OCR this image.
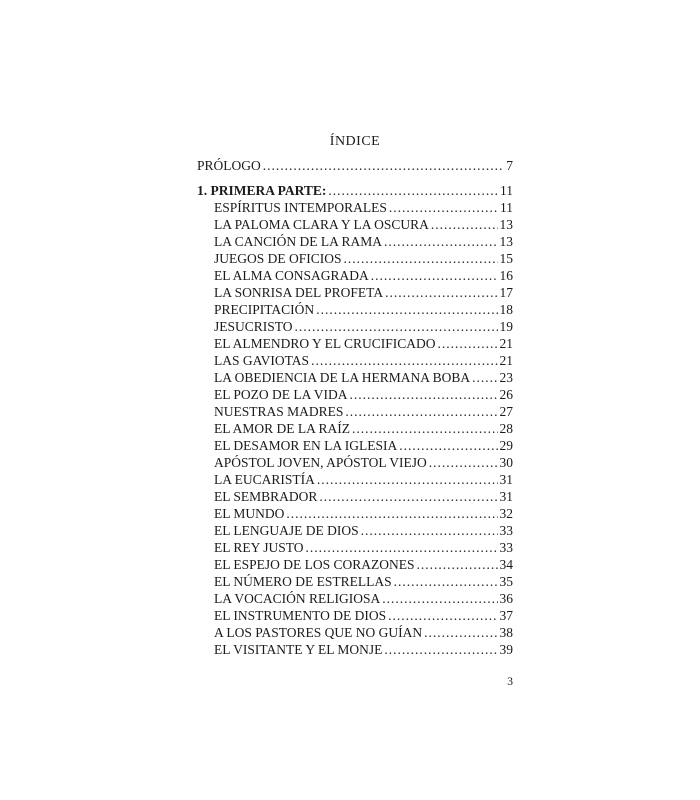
ÍNDICE
PRÓLOGO .....	7
1. PRIMERA PARTE: .....	11
ESPÍRITUS INTEMPORALES .....	11
LA PALOMA CLARA Y LA OSCURA .....	13
LA CANCIÓN DE LA RAMA .....	13
JUEGOS DE OFICIOS .....	15
EL ALMA CONSAGRADA .....	16
LA SONRISA DEL PROFETA .....	17
PRECIPITACIÓN .....	18
JESUCRISTO .....	19
EL ALMENDRO Y EL CRUCIFICADO .....	21
LAS GAVIOTAS .....	21
LA OBEDIENCIA DE LA HERMANA BOBA ..... 23
EL POZO DE LA VIDA .....	26
NUESTRAS MADRES .....	27
EL AMOR DE LA RAÍZ .....	28
EL DESAMOR EN LA IGLESIA .....	29
APÓSTOL JOVEN, APÓSTOL VIEJO .....	30
LA EUCARISTÍA .....	31
EL SEMBRADOR .....	31
EL MUNDO .....	32
EL LENGUAJE DE DIOS .....	33
EL REY JUSTO .....	33
EL ESPEJO DE LOS CORAZONES .....	34
EL NÚMERO DE ESTRELLAS .....	35
LA VOCACIÓN RELIGIOSA .....	36
EL INSTRUMENTO DE DIOS .....	37
A LOS PASTORES QUE NO GUÍAN .....	38
EL VISITANTE Y EL MONJE .....	39
3
